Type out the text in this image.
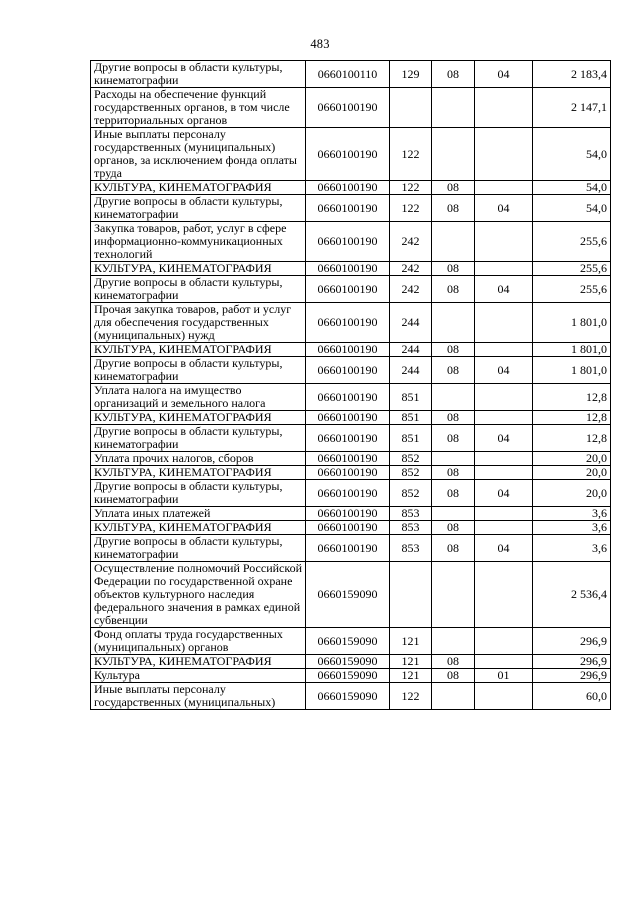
483
Другие вопросы в области культуры, кинематографии	0660100110	129	08	04	2 183,4
Расходы на обеспечение функций государственных органов, в том числе территориальных органов	0660100190				2 147,1
Иные выплаты персоналу государственных (муниципальных) органов, за исключением фонда оплаты труда	0660100190	122			54,0
КУЛЬТУРА, КИНЕМАТОГРАФИЯ	0660100190	122	08		54,0
Другие вопросы в области культуры, кинематографии	0660100190	122	08	04	54,0
Закупка товаров, работ, услуг в сфере информационно-коммуникационных технологий	0660100190	242			255,6
КУЛЬТУРА, КИНЕМАТОГРАФИЯ	0660100190	242	08		255,6
Другие вопросы в области культуры, кинематографии	0660100190	242	08	04	255,6
Прочая закупка товаров, работ и услуг для обеспечения государственных (муниципальных) нужд	0660100190	244			1 801,0
КУЛЬТУРА, КИНЕМАТОГРАФИЯ	0660100190	244	08		1 801,0
Другие вопросы в области культуры, кинематографии	0660100190	244	08	04	1 801,0
Уплата налога на имущество организаций и земельного налога	0660100190	851			12,8
КУЛЬТУРА, КИНЕМАТОГРАФИЯ	0660100190	851	08		12,8
Другие вопросы в области культуры, кинематографии	0660100190	851	08	04	12,8
Уплата прочих налогов, сборов	0660100190	852			20,0
КУЛЬТУРА, КИНЕМАТОГРАФИЯ	0660100190	852	08		20,0
Другие вопросы в области культуры, кинематографии	0660100190	852	08	04	20,0
Уплата иных платежей	0660100190	853			3,6
КУЛЬТУРА, КИНЕМАТОГРАФИЯ	0660100190	853	08		3,6
Другие вопросы в области культуры, кинематографии	0660100190	853	08	04	3,6
Осуществление полномочий Российской Федерации по государственной охране объектов культурного наследия федерального значения в рамках единой субвенции	0660159090				2 536,4
Фонд оплаты труда государственных (муниципальных) органов	0660159090	121			296,9
КУЛЬТУРА, КИНЕМАТОГРАФИЯ	0660159090	121	08		296,9
Культура	0660159090	121	08	01	296,9
Иные выплаты персоналу государственных (муниципальных)	0660159090	122			60,0
